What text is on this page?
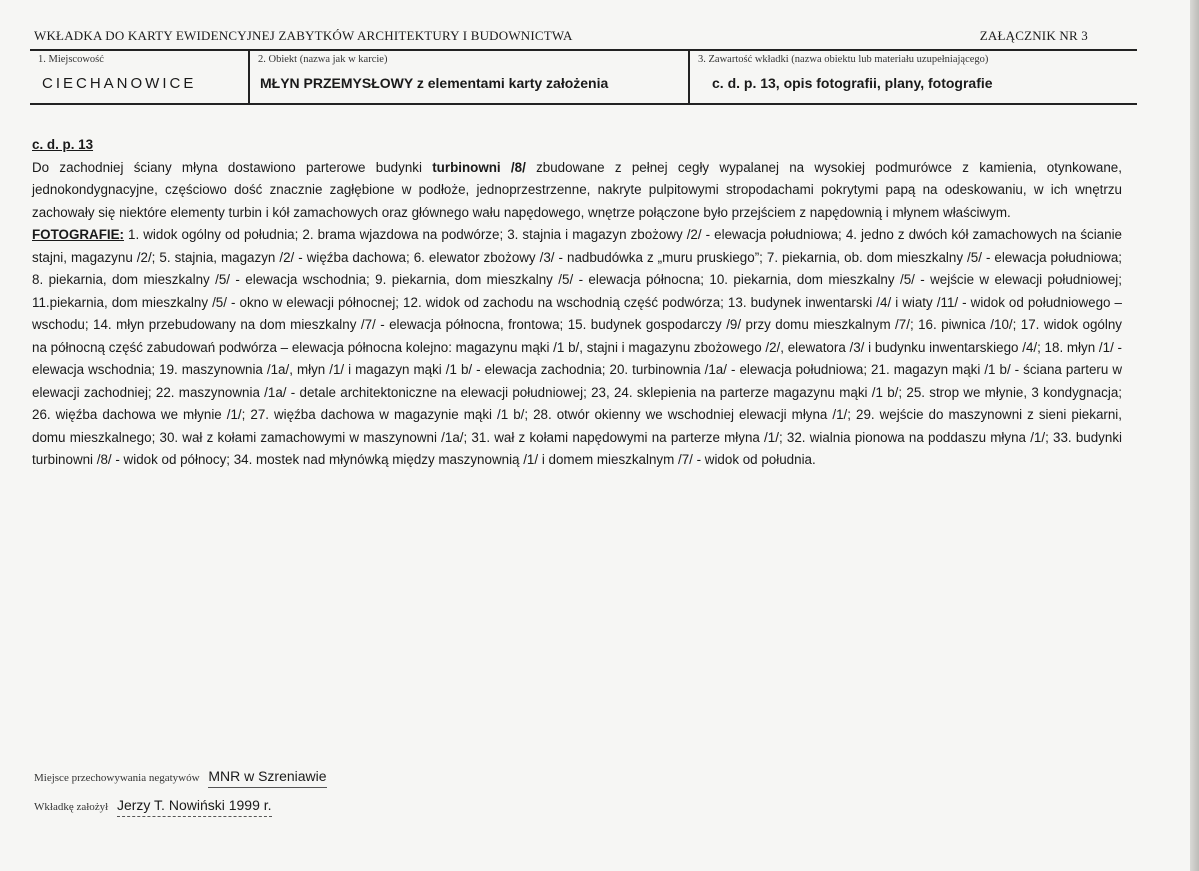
WKŁADKA DO KARTY EWIDENCYJNEJ ZABYTKÓW ARCHITEKTURY I BUDOWNICTWA	ZAŁĄCZNIK NR 3
1. Miejscowość
CIECHANOWICE
2. Obiekt (nazwa jak w karcie)
MŁYN PRZEMYSŁOWY z elementami karty założenia
3. Zawartość wkładki (nazwa obiektu lub materiału uzupełniającego)
c. d. p. 13, opis fotografii, plany, fotografie
c. d. p. 13

Do zachodniej ściany młyna dostawiono parterowe budynki turbinowni /8/ zbudowane z pełnej cegły wypalanej na wysokiej podmurówce z kamienia, otynkowane, jednokondygnacyjne, częściowo dość znacznie zagłębione w podłoże, jednoprzestrzenne, nakryte pulpitowymi stropodachami pokrytymi papą na odeskowaniu, w ich wnętrzu zachowały się niektóre elementy turbin i kół zamachowych oraz głównego wału napędowego, wnętrze połączone było przejściem z napędownią i młynem właściwym.

FOTOGRAFIE: 1. widok ogólny od południa; 2. brama wjazdowa na podwórze; 3. stajnia i magazyn zbożowy /2/ - elewacja południowa; 4. jedno z dwóch kół zamachowych na ścianie stajni, magazynu /2/; 5. stajnia, magazyn /2/ - więźba dachowa; 6. elewator zbożowy /3/ - nadbudówka z „muru pruskiego”; 7. piekarnia, ob. dom mieszkalny /5/ - elewacja południowa; 8. piekarnia, dom mieszkalny /5/ - elewacja wschodnia; 9. piekarnia, dom mieszkalny /5/ - elewacja północna; 10. piekarnia, dom mieszkalny /5/ - wejście w elewacji południowej; 11.piekarnia, dom mieszkalny /5/ - okno w elewacji północnej; 12. widok od zachodu na wschodnią część podwórza; 13. budynek inwentarski /4/ i wiaty /11/ - widok od południowego – wschodu; 14. młyn przebudowany na dom mieszkalny /7/ - elewacja północna, frontowa; 15. budynek gospodarczy /9/ przy domu mieszkalnym /7/; 16. piwnica /10/; 17. widok ogólny na północną część zabudowań podwórza – elewacja północna kolejno: magazynu mąki /1 b/, stajni i magazynu zbożowego /2/, elewatora /3/ i budynku inwentarskiego /4/; 18. młyn /1/ - elewacja wschodnia; 19. maszynownia /1a/, młyn /1/ i magazyn mąki /1 b/ - elewacja zachodnia; 20. turbinownia /1a/ - elewacja południowa; 21. magazyn mąki /1 b/ - ściana parteru w elewacji zachodniej; 22. maszynownia /1a/ - detale architektoniczne na elewacji południowej; 23, 24. sklepienia na parterze magazynu mąki /1 b/; 25. strop we młynie, 3 kondygnacja; 26. więźba dachowa we młynie /1/; 27. więźba dachowa w magazynie mąki /1 b/; 28. otwór okienny we wschodniej elewacji młyna /1/; 29. wejście do maszynowni z sieni piekarni, domu mieszkalnego; 30. wał z kołami zamachowymi w maszynowni /1a/; 31. wał z kołami napędowymi na parterze młyna /1/; 32. wialnia pionowa na poddaszu młyna /1/; 33. budynki turbinowni /8/ - widok od północy; 34. mostek nad młynówką między maszynownią /1/ i domem mieszkalnym /7/ - widok od południa.

Miejsce przechowywania negatywów MNR w Szreniawie
Wkładkę założył Jerzy T. Nowiński 1999 r.
